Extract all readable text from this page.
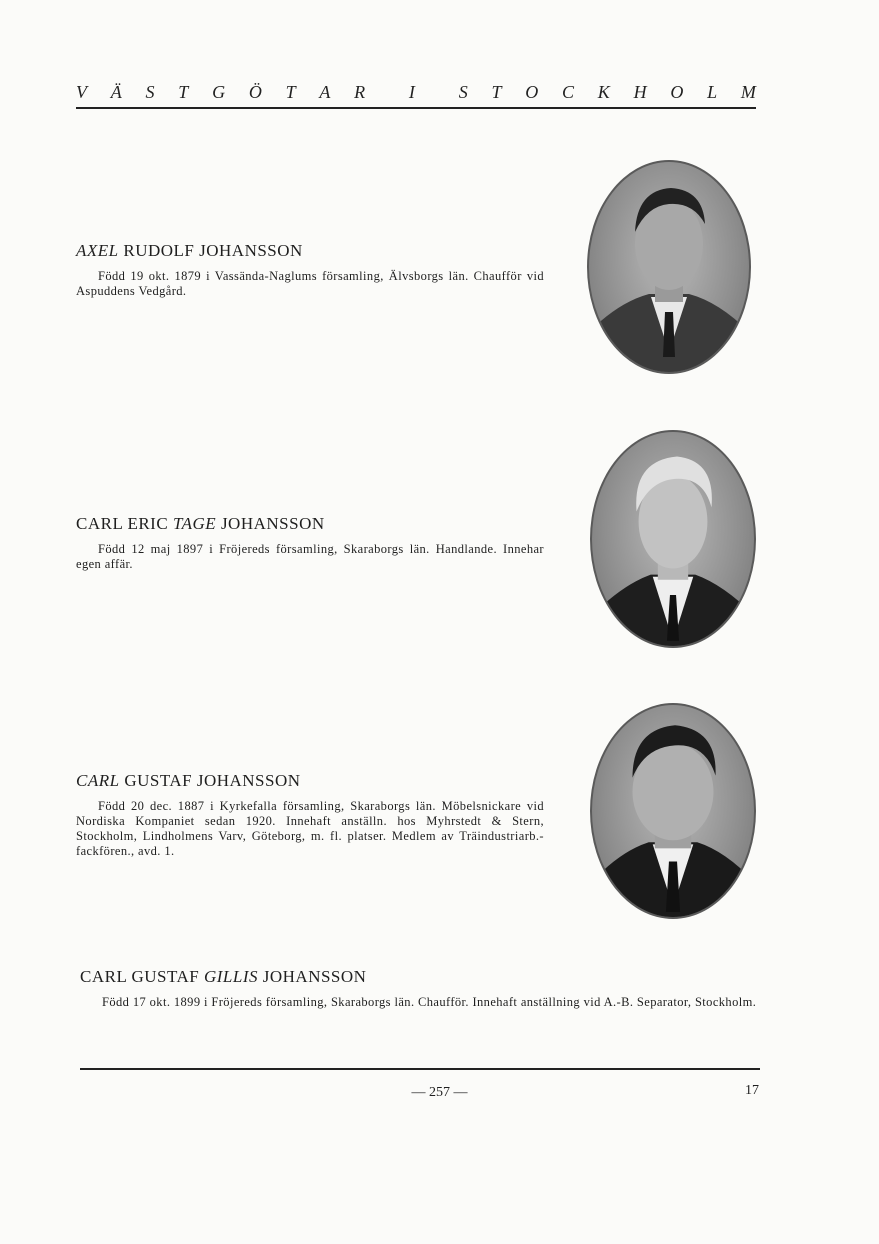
V Ä S T G Ö T A R I S T O C K H O L M
AXEL RUDOLF JOHANSSON

Född 19 okt. 1879 i Vassända-Naglums församling, Älvsborgs län. Chaufför vid Aspuddens Vedgård.

CARL ERIC TAGE JOHANSSON

Född 12 maj 1897 i Fröjereds församling, Skaraborgs län. Handlande. Innehar egen affär.

CARL GUSTAF JOHANSSON

Född 20 dec. 1887 i Kyrkefalla församling, Skaraborgs län. Möbelsnickare vid Nordiska Kompaniet sedan 1920. Innehaft anställn. hos Myhrstedt & Stern, Stockholm, Lindholmens Varv, Göteborg, m. fl. platser. Medlem av Träindustriarb.-fackfören., avd. 1.

CARL GUSTAF GILLIS JOHANSSON

Född 17 okt. 1899 i Fröjereds församling, Skaraborgs län. Chaufför. Innehaft anställning vid A.-B. Separator, Stockholm.

— 257 —	17
